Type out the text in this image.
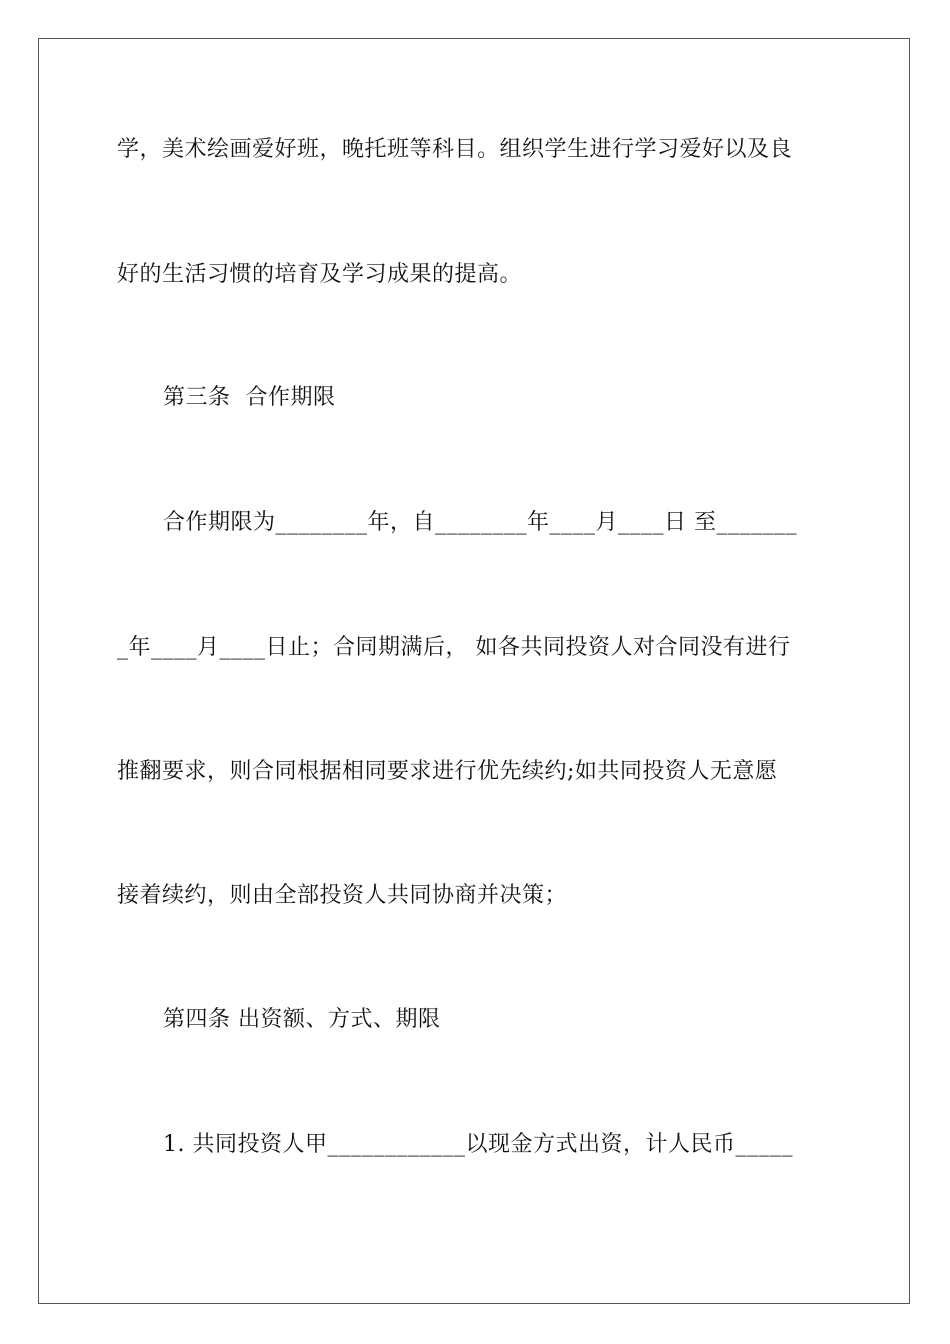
学，美术绘画爱好班，晚托班等科目。组织学生进行学习爱好以及良
好的生活习惯的培育及学习成果的提高。
第三条  合作期限
合作期限为________年，自________年____月____日 至_______
_年____月____日止；合同期满后， 如各共同投资人对合同没有进行
推翻要求，则合同根据相同要求进行优先续约;如共同投资人无意愿
接着续约，则由全部投资人共同协商并决策；
第四条 出资额、方式、期限
1. 共同投资人甲____________以现金方式出资，计人民币_____
